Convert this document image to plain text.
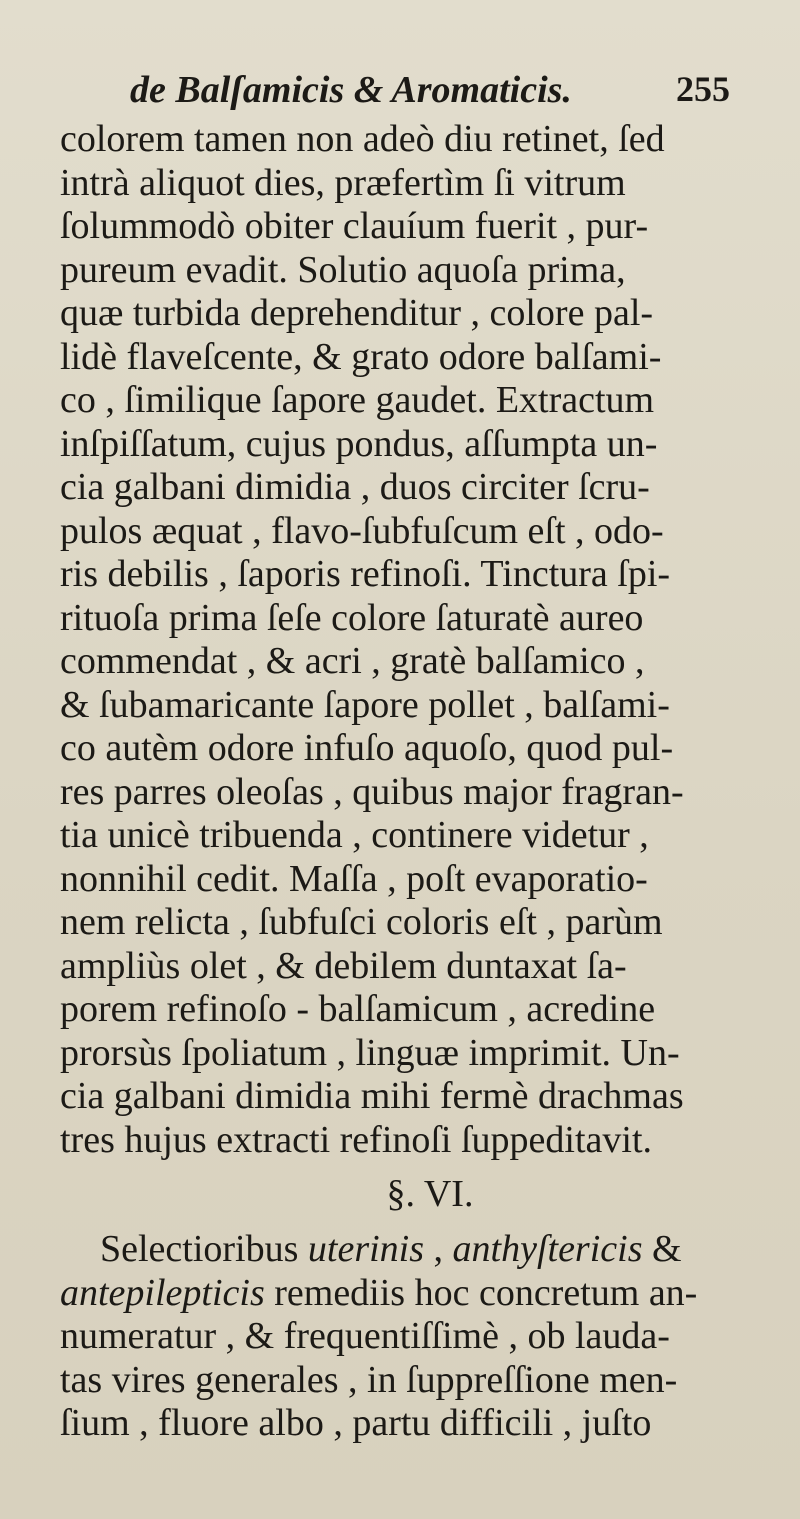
de Balſamicis & Aromaticis.	255
colorem tamen non adeò diu retinet, ſed
intrà aliquot dies, præfertìm ſi vitrum
ſolummodò obiter clauíum fuerit , pur-
pureum evadit. Solutio aquoſa prima,
quæ turbida deprehenditur , colore pal-
lidè flaveſcente, & grato odore balſami-
co , ſimilique ſapore gaudet. Extractum
inſpiſſatum, cujus pondus, aſſumpta un-
cia galbani dimidia , duos circiter ſcru-
pulos æquat , flavo-ſubfuſcum eſt , odo-
ris debilis , ſaporis refinoſi. Tinctura ſpi-
rituoſa prima ſeſe colore ſaturatè aureo
commendat , & acri , gratè balſamico ,
& ſubamaricante ſapore pollet , balſami-
co autèm odore infuſo aquoſo, quod pul-
res parres oleoſas , quibus major fragran-
tia unicè tribuenda , continere videtur ,
nonnihil cedit. Maſſa , poſt evaporatio-
nem relicta , ſubfuſci coloris eſt , parùm
ampliùs olet , & debilem duntaxat ſa-
porem refinoſo - balſamicum , acredine
prorsùs ſpoliatum , linguæ imprimit. Un-
cia galbani dimidia mihi fermè drachmas
tres hujus extracti refinoſi ſuppeditavit.
§. VI.
Selectioribus uterinis , anthyſtericis &
antepilepticis remediis hoc concretum an-
numeratur , & frequentiſſimè , ob lauda-
tas vires generales , in ſuppreſſione men-
ſium , fluore albo , partu difficili , juſto
